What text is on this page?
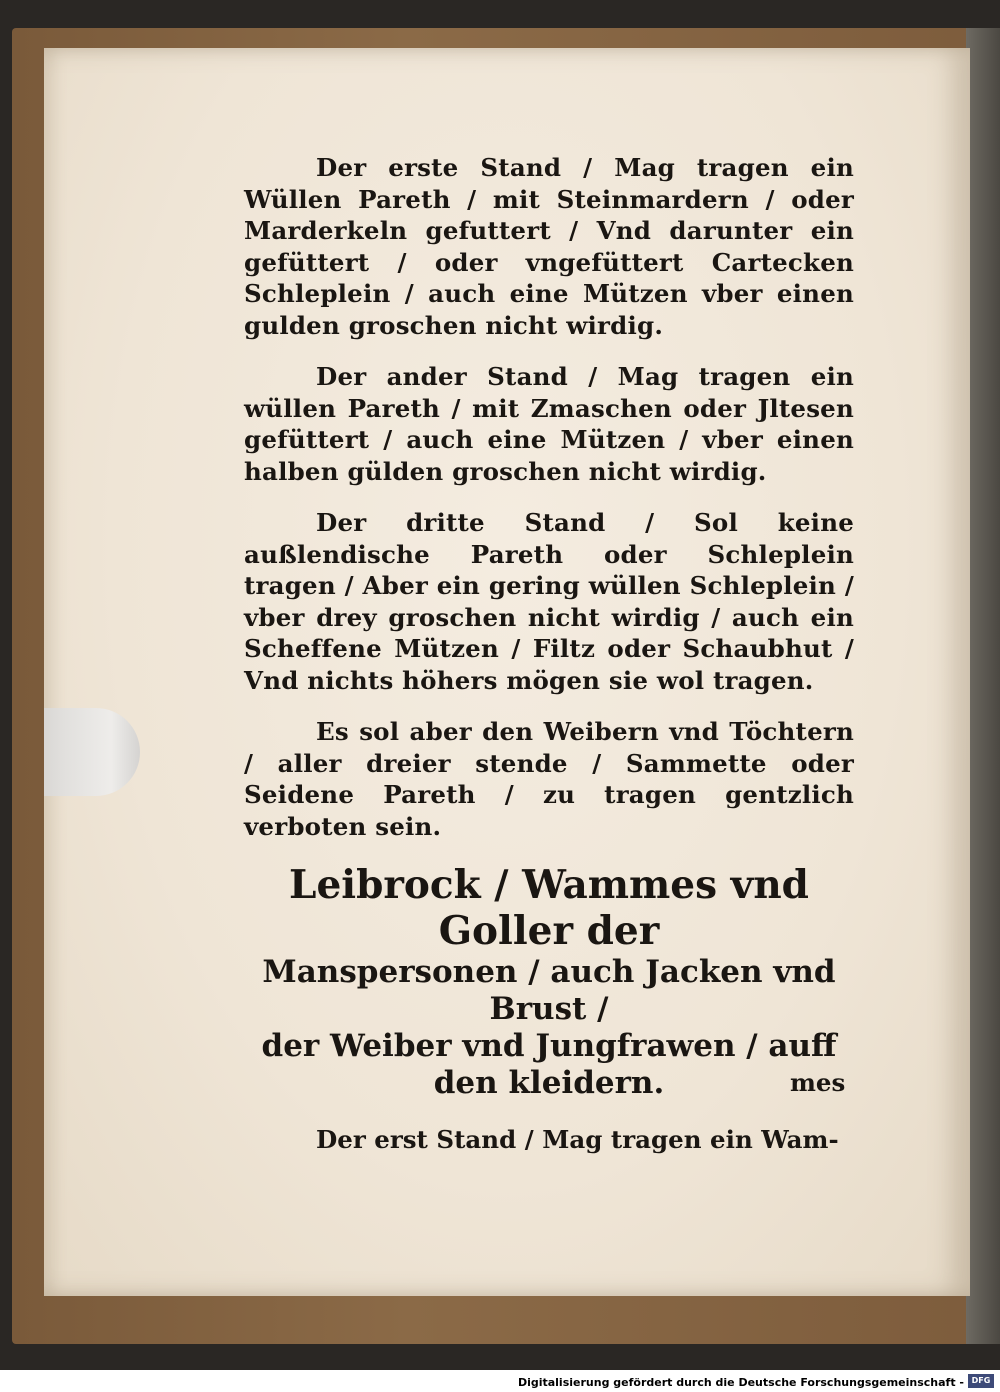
Der erste Stand / Mag tragen ein Wüllen Pareth / mit Steinmardern / oder Marderkeln gefuttert / Vnd darunter ein gefüttert / oder vngefüttert Cartecken Schleplein / auch eine Mützen vber einen gulden groschen nicht wirdig.

Der ander Stand / Mag tragen ein wüllen Pareth / mit Zmaschen oder Jltesen gefüttert / auch eine Mützen / vber einen halben gülden groschen nicht wirdig.

Der dritte Stand / Sol keine außlendische Pareth oder Schleplein tragen / Aber ein gering wüllen Schleplein / vber drey groschen nicht wirdig / auch ein Scheffene Mützen / Filtz oder Schaubhut / Vnd nichts höhers mögen sie wol tragen.

Es sol aber den Weibern vnd Töchtern / aller dreier stende / Sammette oder Seidene Pareth / zu tragen gentzlich verboten sein.

Leibrock / Wammes vnd Goller der
Manspersonen / auch Jacken vnd Brust /
der Weiber vnd Jungfrawen / auff
den kleidern.

Der erst Stand / Mag tragen ein Wam-

mes
Digitalisierung gefördert durch die Deutsche Forschungsgemeinschaft - DFG
